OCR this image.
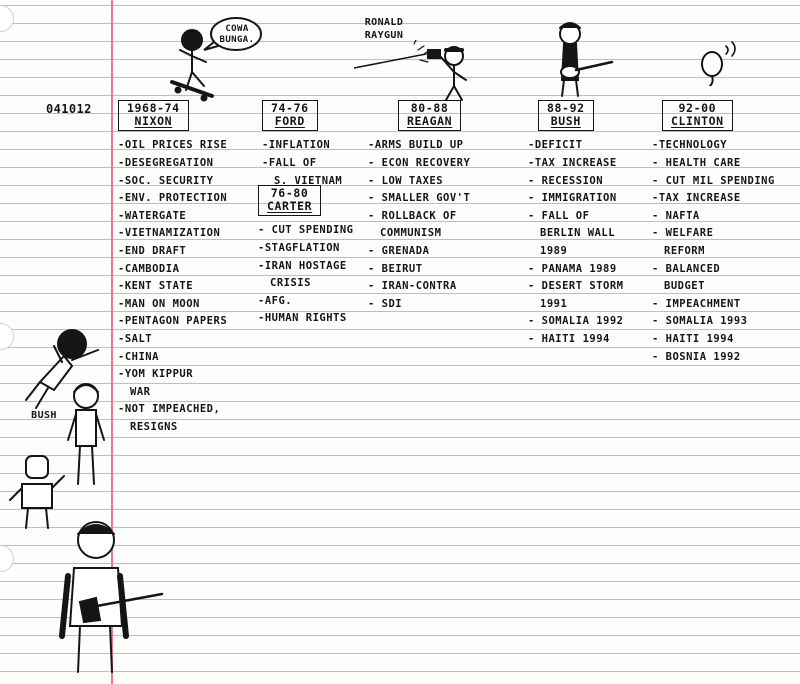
041012	1968-74
NIXON
-OIL PRICES RISE
-DESEGREGATION
-SOC. SECURITY
-ENV. PROTECTION
-WATERGATE
-VIETNAMIZATION
-END DRAFT
-CAMBODIA
-KENT STATE
-MAN ON MOON
-PENTAGON PAPERS
-SALT
-CHINA
-YOM KIPPUR
WAR
-NOT IMPEACHED,
RESIGNS
74-76
FORD
-INFLATION
-FALL OF
S. VIETNAM
76-80
CARTER
- CUT SPENDING
-STAGFLATION
-IRAN HOSTAGE
CRISIS
-AFG.
-HUMAN RIGHTS
80-88
REAGAN
-ARMS BUILD UP
- ECON RECOVERY
- LOW TAXES
- SMALLER GOV'T
- ROLLBACK OF
COMMUNISM
- GRENADA
- BEIRUT
- IRAN-CONTRA
- SDI
88-92
BUSH
-DEFICIT
-TAX INCREASE
- RECESSION
- IMMIGRATION
- FALL OF
BERLIN WALL
1989
- PANAMA 1989
- DESERT STORM
1991
- SOMALIA 1992
- HAITI 1994
92-00
CLINTON
-TECHNOLOGY
- HEALTH CARE
- CUT MIL SPENDING
-TAX INCREASE
- NAFTA
- WELFARE
REFORM
- BALANCED
BUDGET
- IMPEACHMENT
- SOMALIA 1993
- HAITI 1994
- BOSNIA 1992
COWA BUNGA.
RONALD
RAYGUN
BUSH
